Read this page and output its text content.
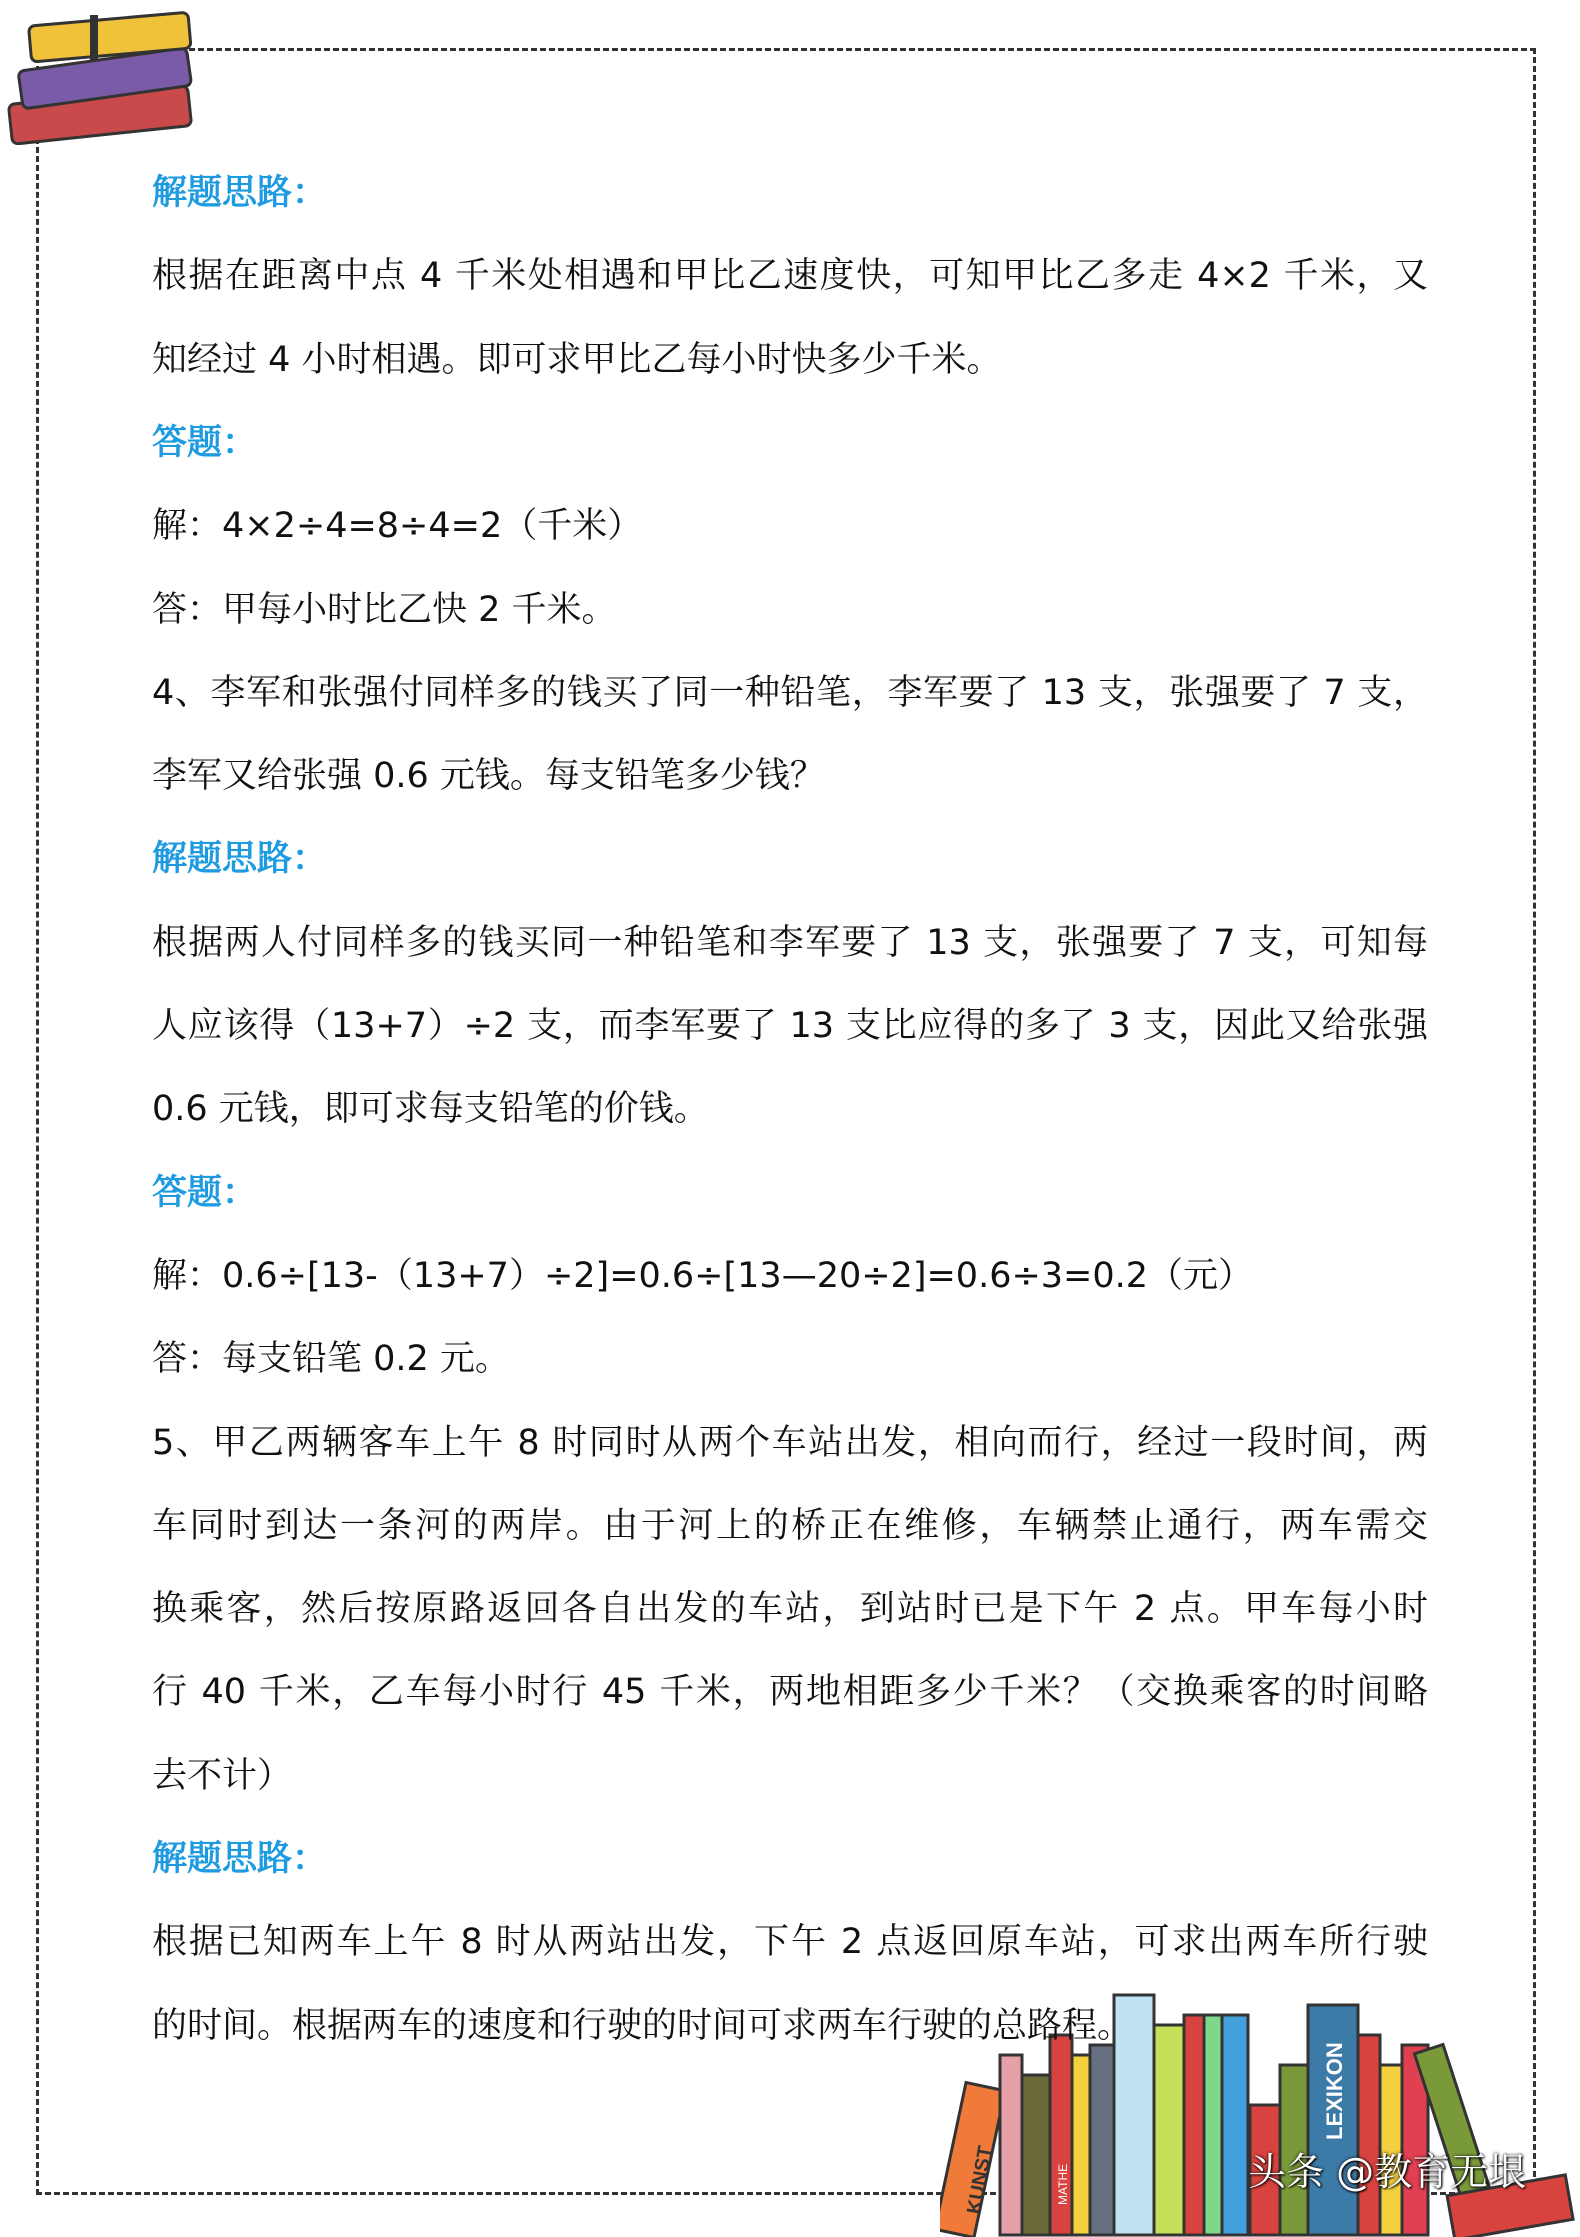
解题思路：
根据在距离中点 4 千米处相遇和甲比乙速度快，可知甲比乙多走 4×2 千米，又
知经过 4 小时相遇。即可求甲比乙每小时快多少千米。
答题：
解：4×2÷4=8÷4=2（千米）
答：甲每小时比乙快 2 千米。
4、李军和张强付同样多的钱买了同一种铅笔，李军要了 13 支，张强要了 7 支，
李军又给张强 0.6 元钱。每支铅笔多少钱？
解题思路：
根据两人付同样多的钱买同一种铅笔和李军要了 13 支，张强要了 7 支，可知每
人应该得（13+7）÷2 支，而李军要了 13 支比应得的多了 3 支，因此又给张强
0.6 元钱，即可求每支铅笔的价钱。
答题：
解：0.6÷[13-（13+7）÷2]=0.6÷[13—20÷2]=0.6÷3=0.2（元）
答：每支铅笔 0.2 元。
5、甲乙两辆客车上午 8 时同时从两个车站出发，相向而行，经过一段时间，两
车同时到达一条河的两岸。由于河上的桥正在维修，车辆禁止通行，两车需交
换乘客，然后按原路返回各自出发的车站，到站时已是下午 2 点。甲车每小时
行 40 千米，乙车每小时行 45 千米，两地相距多少千米？（交换乘客的时间略
去不计）
解题思路：
根据已知两车上午 8 时从两站出发，下午 2 点返回原车站，可求出两车所行驶
的时间。根据两车的速度和行驶的时间可求两车行驶的总路程。
KUNST	MATHE
LEXIKON
头条 @教育无垠
